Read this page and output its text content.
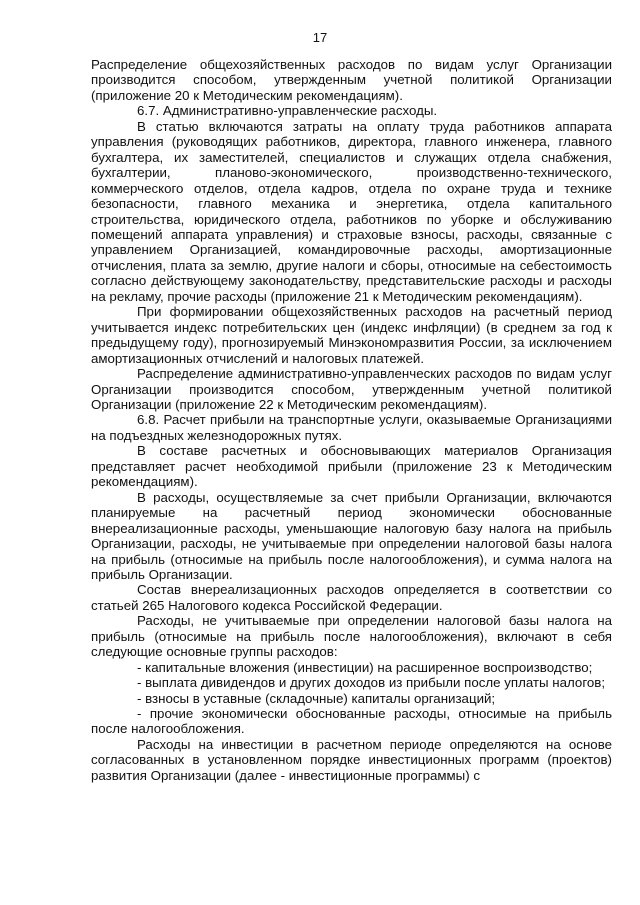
17

Распределение общехозяйственных расходов по видам услуг Организации производится способом, утвержденным учетной политикой Организации (приложение 20 к Методическим рекомендациям).

6.7. Административно-управленческие расходы.

В статью включаются затраты на оплату труда работников аппарата управления (руководящих работников, директора, главного инженера, главного бухгалтера, их заместителей, специалистов и служащих отдела снабжения, бухгалтерии, планово-экономического, производственно-технического, коммерческого отделов, отдела кадров, отдела по охране труда и технике безопасности, главного механика и энергетика, отдела капитального строительства, юридического отдела, работников по уборке и обслуживанию помещений аппарата управления) и страховые взносы, расходы, связанные с управлением Организацией, командировочные расходы, амортизационные отчисления, плата за землю, другие налоги и сборы, относимые на себестоимость согласно действующему законодательству, представительские расходы и расходы на рекламу, прочие расходы (приложение 21 к Методическим рекомендациям).

При формировании общехозяйственных расходов на расчетный период учитывается индекс потребительских цен (индекс инфляции) (в среднем за год к предыдущему году), прогнозируемый Минэкономразвития России, за исключением амортизационных отчислений и налоговых платежей.

Распределение административно-управленческих расходов по видам услуг Организации производится способом, утвержденным учетной политикой Организации (приложение 22 к Методическим рекомендациям).

6.8. Расчет прибыли на транспортные услуги, оказываемые Организациями на подъездных железнодорожных путях.

В составе расчетных и обосновывающих материалов Организация представляет расчет необходимой прибыли (приложение 23 к Методическим рекомендациям).

В расходы, осуществляемые за счет прибыли Организации, включаются планируемые на расчетный период экономически обоснованные внереализационные расходы, уменьшающие налоговую базу налога на прибыль Организации, расходы, не учитываемые при определении налоговой базы налога на прибыль (относимые на прибыль после налогообложения), и сумма налога на прибыль Организации.

Состав внереализационных расходов определяется в соответствии со статьей 265 Налогового кодекса Российской Федерации.

Расходы, не учитываемые при определении налоговой базы налога на прибыль (относимые на прибыль после налогообложения), включают в себя следующие основные группы расходов:

- капитальные вложения (инвестиции) на расширенное воспроизводство;

- выплата дивидендов и других доходов из прибыли после уплаты налогов;

- взносы в уставные (складочные) капиталы организаций;

- прочие экономически обоснованные расходы, относимые на прибыль после налогообложения.

Расходы на инвестиции в расчетном периоде определяются на основе согласованных в установленном порядке инвестиционных программ (проектов) развития Организации (далее - инвестиционные программы) с
